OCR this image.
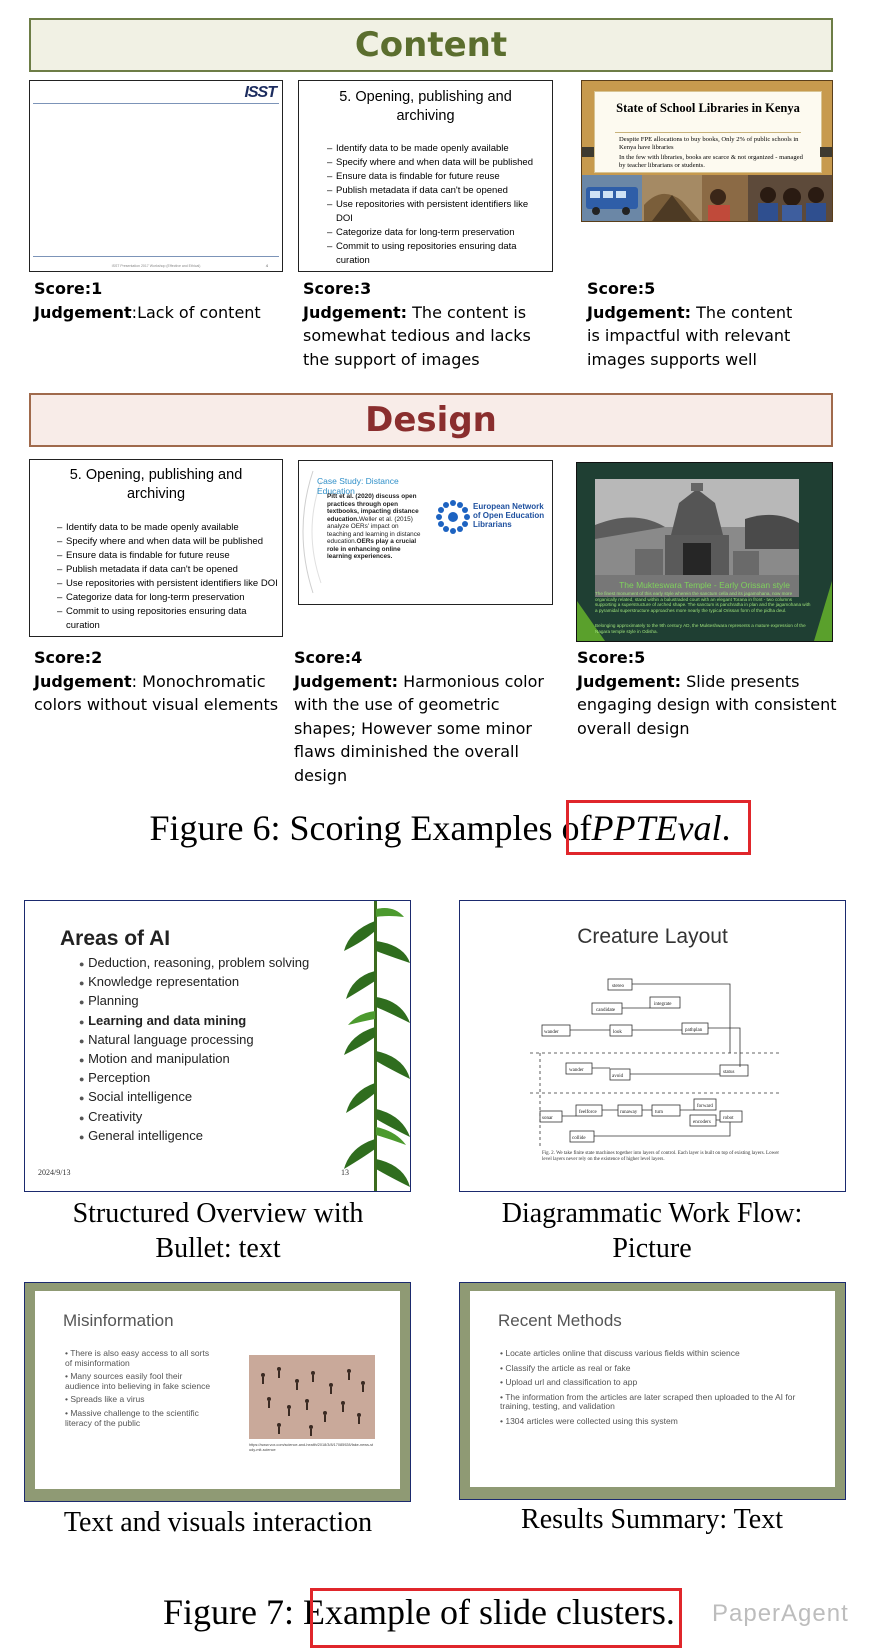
Content
ISST
ISST Presentation 2017 Workshop (Effective and Ethical)	4
Score:1
Judgement:Lack of content
5. Opening, publishing and archiving
– Identify data to be made openly available
– Specify where and when data will be published
– Ensure data is findable for future reuse
– Publish metadata if data can't be opened
– Use repositories with persistent identifiers like DOI
– Categorize data for long-term preservation
– Commit to using repositories ensuring data curation
Score:3
Judgement: The content is somewhat tedious and lacks the support of images
State of School Libraries in Kenya
Despite FPE allocations to buy books, Only 2% of public schools in Kenya have libraries
In the few with libraries, books are scarce & not organized - managed by teacher librarians or students.
Score:5
Judgement: The content is impactful with relevant images supports well
Design
5. Opening, publishing and archiving
– Identify data to be made openly available
– Specify where and when data will be published
– Ensure data is findable for future reuse
– Publish metadata if data can't be opened
– Use repositories with persistent identifiers like DOI
– Categorize data for long-term preservation
– Commit to using repositories ensuring data curation
Score:2
Judgement: Monochromatic colors without visual elements
Case Study: Distance Education
Pitt et al. (2020) discuss open practices through open textbooks, impacting distance education.Weller et al. (2015) analyze OERs' impact on teaching and learning in distance education.OERs play a crucial role in enhancing online learning experiences.
European Network of Open Education Librarians
Score:4
Judgement: Harmonious color with the use of geometric shapes; However some minor flaws diminished the overall design
The Mukteswara Temple - Early Orissan style
The finest monument of this early style wherein the sanctum cella and its jagamohana, now more organically related, stand within a balustraded court with an elegant Torana in front - two columns supporting a superstructure of arched shape. The sanctum is panchratha in plan and the jagamohana with a pyramidal superstructure approaches more nearly the typical Orissan form of the pidha deul.
Belonging approximately to the 9th century AD, the Mukteshwara represents a mature expression of the Nagara temple style in Odisha.
Score:5
Judgement: Slide presents engaging design with consistent overall design
Figure 6: Scoring Examples ofPPTEval.
Areas of AI
● Deduction, reasoning, problem solving
● Knowledge representation
● Planning
● Learning and data mining
● Natural language processing
● Motion and manipulation
● Perception
● Social intelligence
● Creativity
● General intelligence
2024/9/13	13
Structured Overview with
Bullet: text
Creature Layout
stereo
candidate
integrate
wander	look	pathplan
wander
avoid
status
feelforce	runaway	turn
forward
encoders
robot
sonar
collide
Fig. 2. We take finite state machines together into layers of control. Each layer is built on top of existing layers. Lower level layers never rely on the existence of higher level layers.
Diagrammatic Work Flow:
Picture
Misinformation
• There is also easy access to all sorts of misinformation
• Many sources easily fool their audience into believing in fake science
• Spreads like a virus
• Massive challenge to the scientific literacy of the public
https://www.vox.com/science-and-health/2018/3/8/17085928/fake-news-study-mit-science
Text and visuals interaction
Recent Methods
• Locate articles online that discuss various fields within science
• Classify the article as real or fake
• Upload url and classification to app
• The information from the articles are later scraped then uploaded to the AI for training, testing, and validation
• 1304 articles were collected using this system
Results Summary: Text
Figure 7: Example of slide clusters. PaperAgent
